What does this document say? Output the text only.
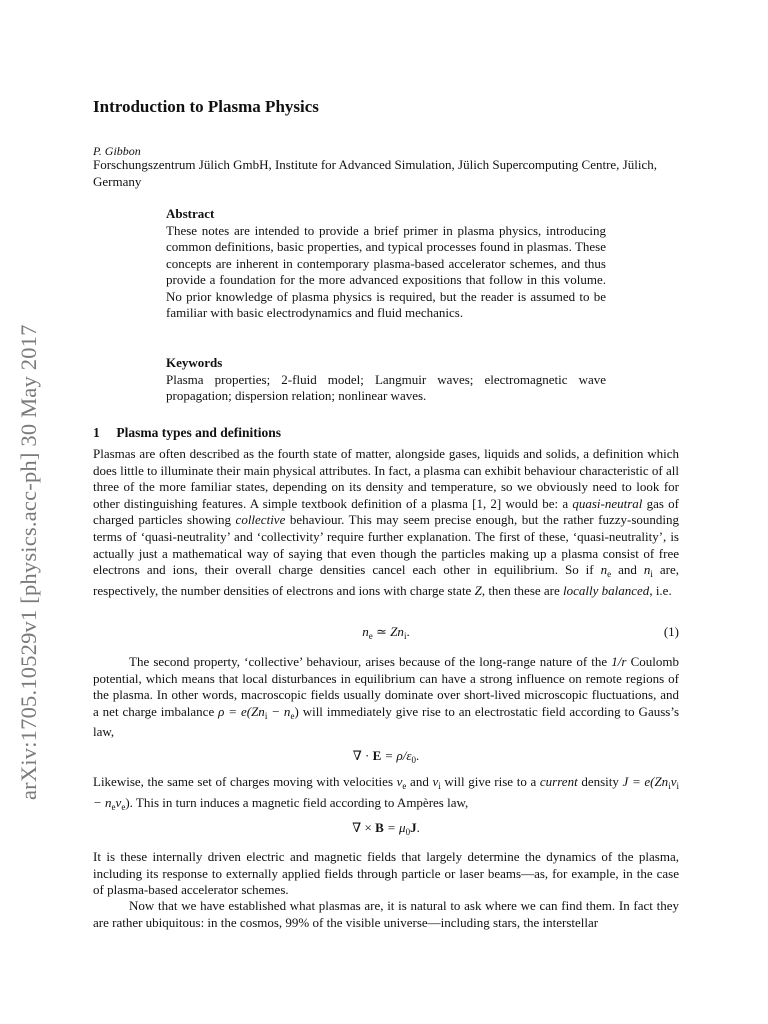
arXiv:1705.10529v1 [physics.acc-ph] 30 May 2017
Introduction to Plasma Physics
P. Gibbon
Forschungszentrum Jülich GmbH, Institute for Advanced Simulation, Jülich Supercomputing Centre, Jülich, Germany
Abstract
These notes are intended to provide a brief primer in plasma physics, introducing common definitions, basic properties, and typical processes found in plasmas. These concepts are inherent in contemporary plasma-based accelerator schemes, and thus provide a foundation for the more advanced expositions that follow in this volume. No prior knowledge of plasma physics is required, but the reader is assumed to be familiar with basic electrodynamics and fluid mechanics.
Keywords
Plasma properties; 2-fluid model; Langmuir waves; electromagnetic wave propagation; dispersion relation; nonlinear waves.
1 Plasma types and definitions

Plasmas are often described as the fourth state of matter, alongside gases, liquids and solids, a definition which does little to illuminate their main physical attributes. In fact, a plasma can exhibit behaviour characteristic of all three of the more familiar states, depending on its density and temperature, so we obviously need to look for other distinguishing features. A simple textbook definition of a plasma [1, 2] would be: a quasi-neutral gas of charged particles showing collective behaviour. This may seem precise enough, but the rather fuzzy-sounding terms of ‘quasi-neutrality’ and ‘collectivity’ require further explanation. The first of these, ‘quasi-neutrality’, is actually just a mathematical way of saying that even though the particles making up a plasma consist of free electrons and ions, their overall charge densities cancel each other in equilibrium. So if $n_e$ and $n_i$ are, respectively, the number densities of electrons and ions with charge state Z, then these are locally balanced, i.e.

$n_e$ ≃ $Zn_i$.	(1)

The second property, ‘collective’ behaviour, arises because of the long-range nature of the 1/r Coulomb potential, which means that local disturbances in equilibrium can have a strong influence on remote regions of the plasma. In other words, macroscopic fields usually dominate over short-lived microscopic fluctuations, and a net charge imbalance $\rho = e(Zn_i - n_e)$ will immediately give rise to an electrostatic field according to Gauss’s law,

∇ · $E = \rho/\varepsilon_0$.

Likewise, the same set of charges moving with velocities $v_e$ and $v_i$ will give rise to a current density $J = e(Zn_iv_i - n_ev_e)$. This in turn induces a magnetic field according to Ampères law,

∇ × $B = \mu_0J$.

It is these internally driven electric and magnetic fields that largely determine the dynamics of the plasma, including its response to externally applied fields through particle or laser beams—as, for example, in the case of plasma-based accelerator schemes.

Now that we have established what plasmas are, it is natural to ask where we can find them. In fact they are rather ubiquitous: in the cosmos, 99% of the visible universe—including stars, the interstellar
